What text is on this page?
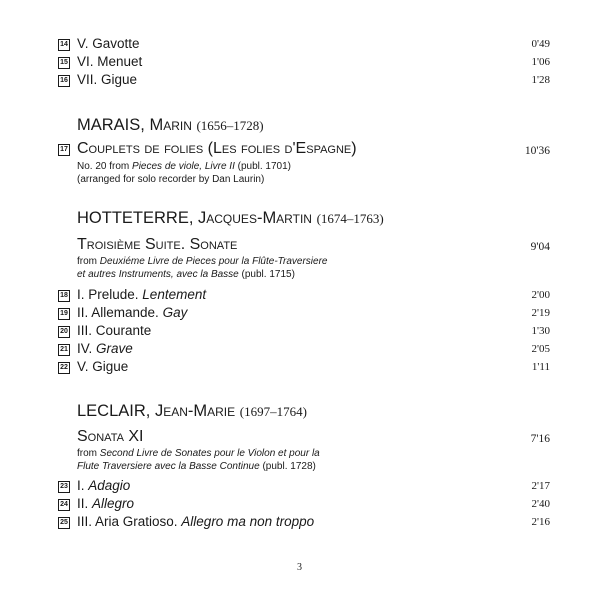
14 V. Gavotte	0'49
15 VI. Menuet	1'06
16 VII. Gigue	1'28
MARAIS, Marin (1656–1728)
17 Couplets de folies (Les folies d'Espagne)	10'36
No. 20 from Pieces de viole, Livre II (publ. 1701)
(arranged for solo recorder by Dan Laurin)
HOTTETERRE, Jacques-Martin (1674–1763)
Troisième Suite. Sonate	9'04
from Deuxiéme Livre de Pieces pour la Flûte-Traversiere
et autres Instruments, avec la Basse (publ. 1715)
18 I. Prelude. Lentement	2'00
19 II. Allemande. Gay	2'19
20 III. Courante	1'30
21 IV. Grave	2'05
22 V. Gigue	1'11
LECLAIR, Jean-Marie (1697–1764)
Sonata XI	7'16
from Second Livre de Sonates pour le Violon et pour la
Flute Traversiere avec la Basse Continue (publ. 1728)
23 I. Adagio	2'17
24 II. Allegro	2'40
25 III. Aria Gratioso. Allegro ma non troppo	2'16
3
